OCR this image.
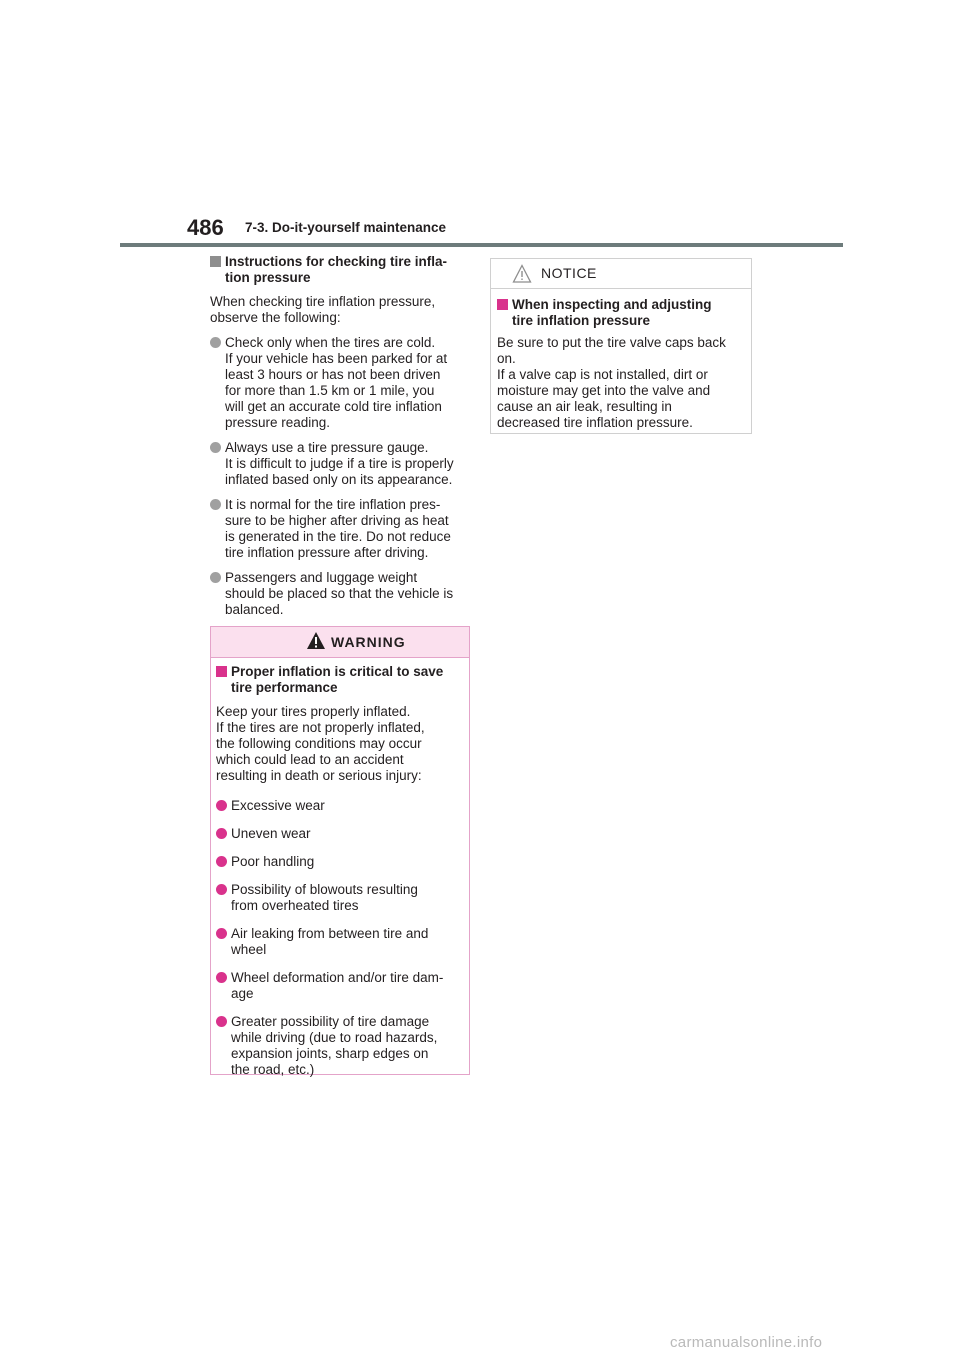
486 7-3. Do-it-yourself maintenance

Instructions for checking tire infla-
tion pressure

When checking tire inflation pressure,
observe the following:

Check only when the tires are cold.
If your vehicle has been parked for at
least 3 hours or has not been driven
for more than 1.5 km or 1 mile, you
will get an accurate cold tire inflation
pressure reading.
Always use a tire pressure gauge.
It is difficult to judge if a tire is properly
inflated based only on its appearance.
It is normal for the tire inflation pres-
sure to be higher after driving as heat
is generated in the tire. Do not reduce
tire inflation pressure after driving.
Passengers and luggage weight
should be placed so that the vehicle is
balanced.
WARNING

Proper inflation is critical to save
tire performance

Keep your tires properly inflated.
If the tires are not properly inflated,
the following conditions may occur
which could lead to an accident
resulting in death or serious injury:

Excessive wear
Uneven wear
Poor handling
Possibility of blowouts resulting
from overheated tires
Air leaking from between tire and
wheel
Wheel deformation and/or tire dam-
age
Greater possibility of tire damage
while driving (due to road hazards,
expansion joints, sharp edges on
the road, etc.)
NOTICE

When inspecting and adjusting
tire inflation pressure

Be sure to put the tire valve caps back
on.
If a valve cap is not installed, dirt or
moisture may get into the valve and
cause an air leak, resulting in
decreased tire inflation pressure.

carmanualsonline.info
